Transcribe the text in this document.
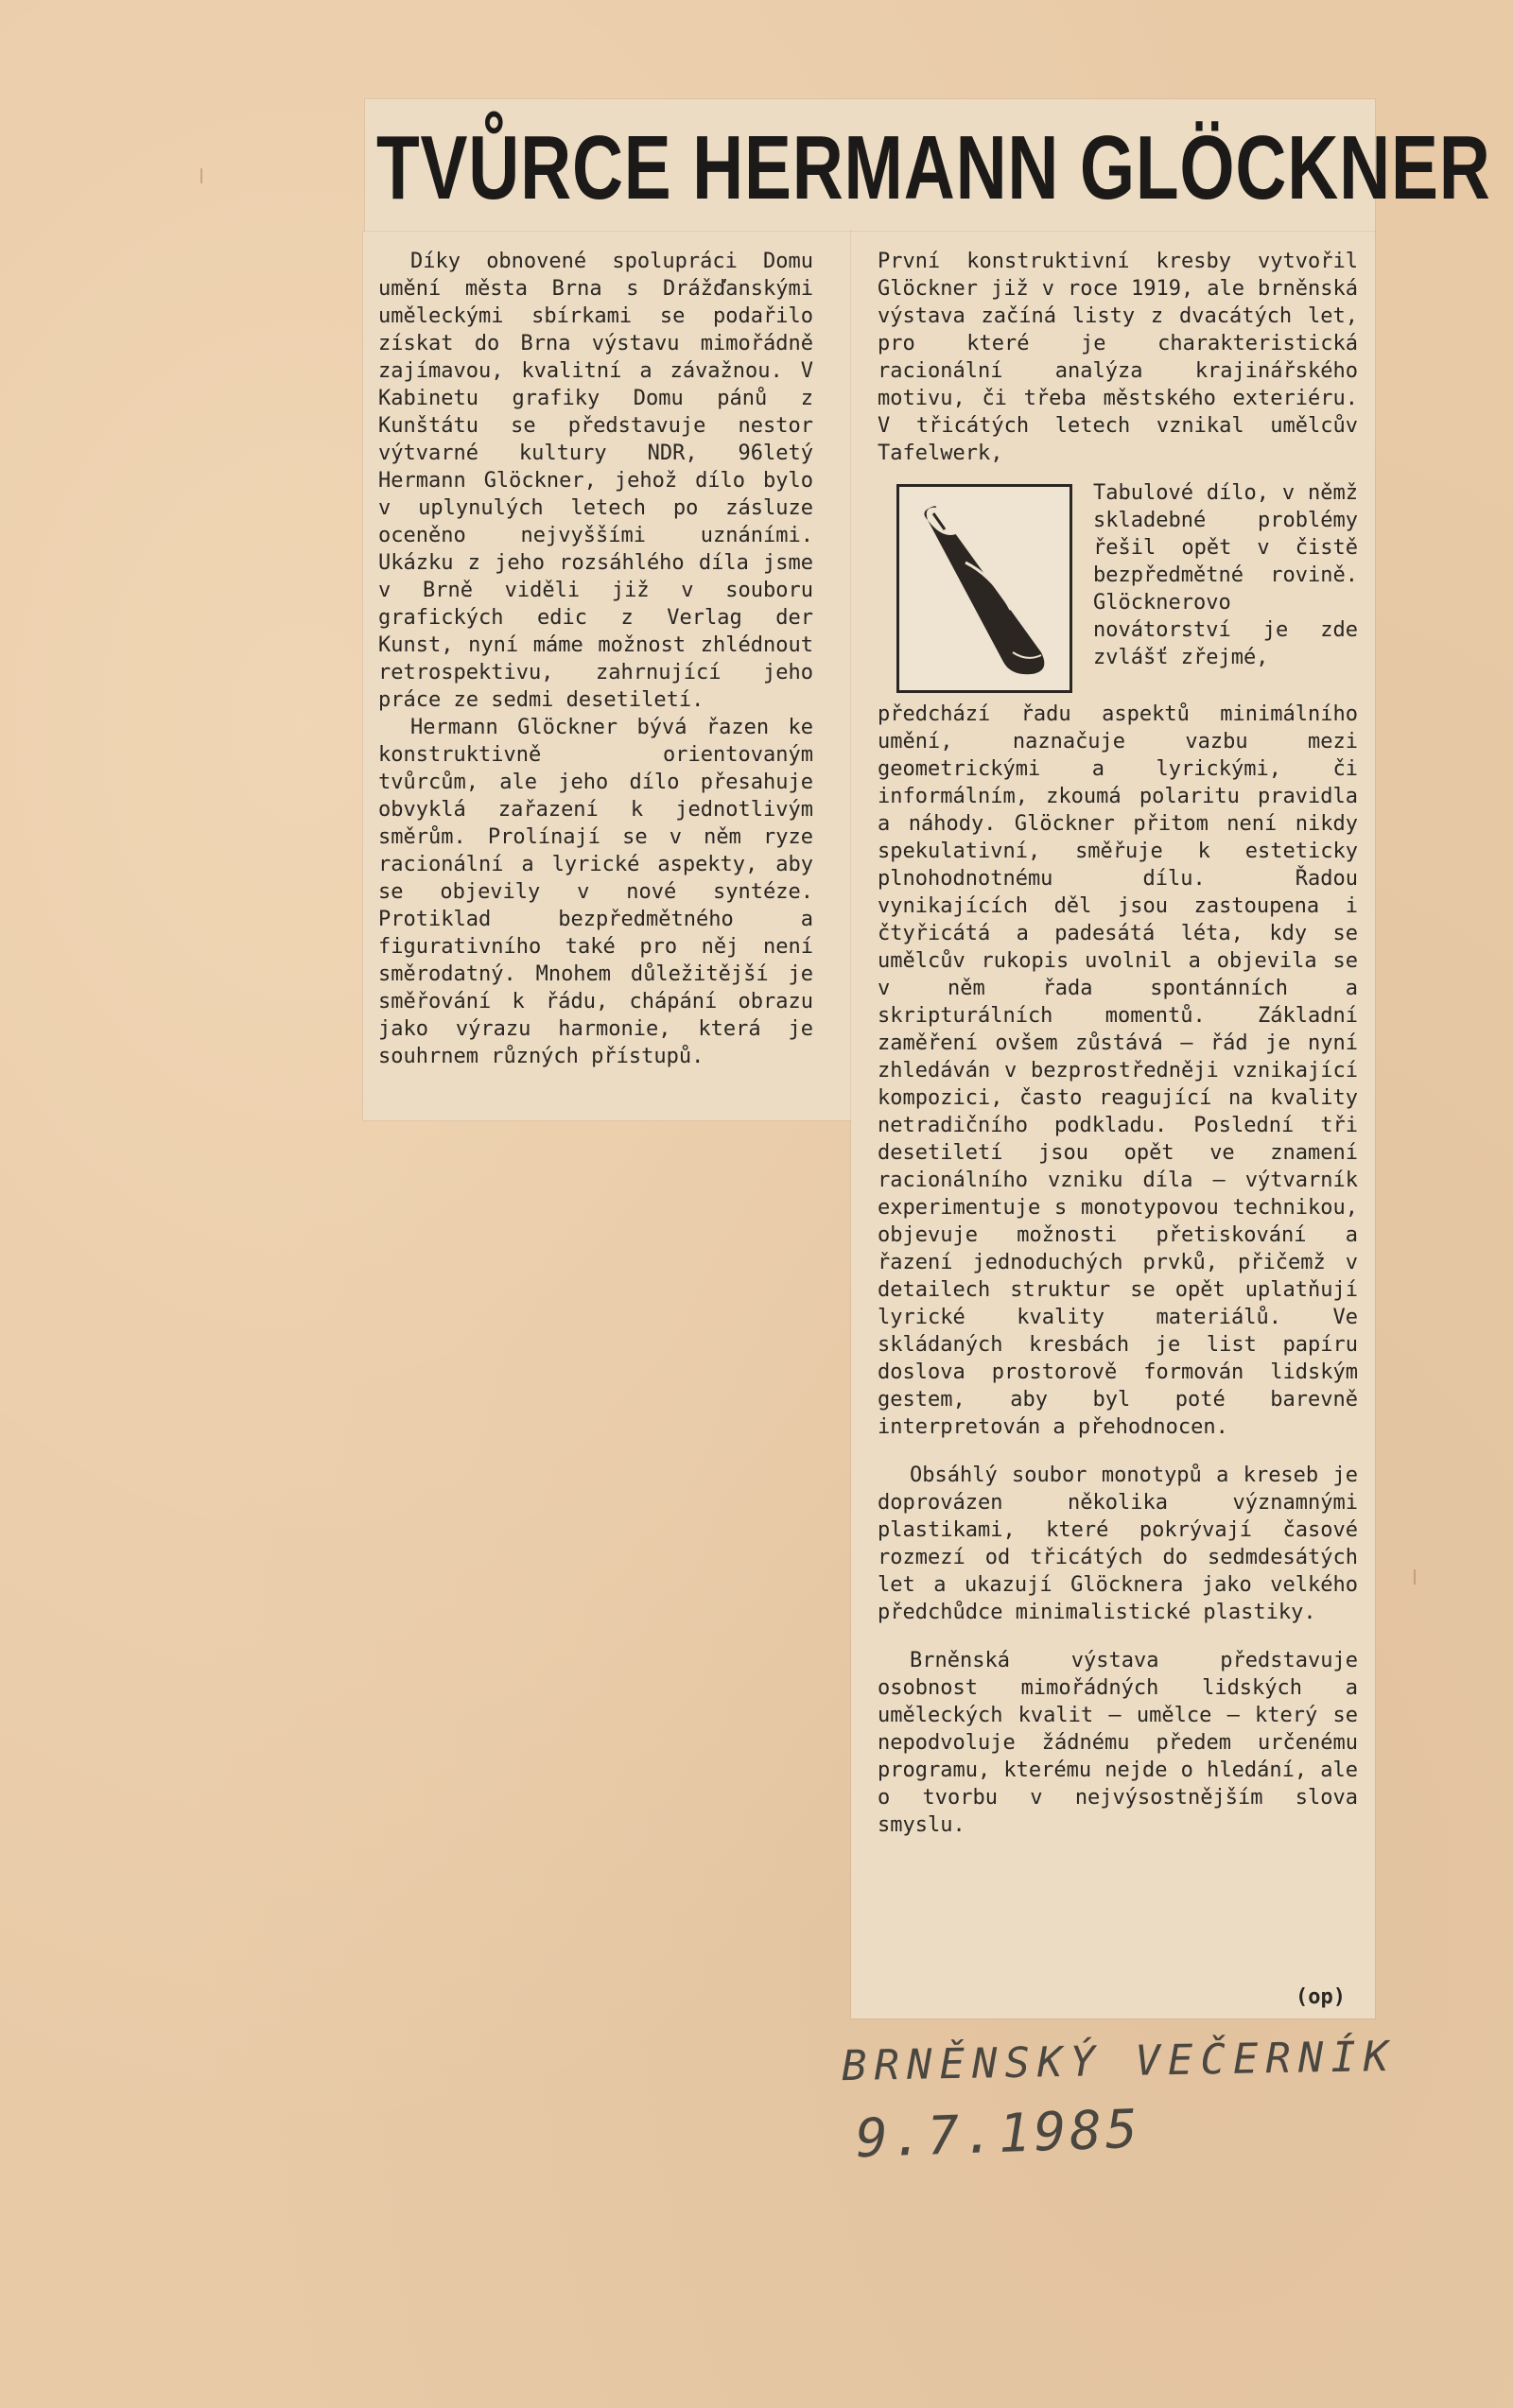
TVŮRCE HERMANN GLÖCKNER

Díky obnovené spolupráci Domu umění města Brna s Drážďanskými uměleckými sbírkami se podařilo získat do Brna výstavu mimořádně zajímavou, kvalitní a závažnou. V Kabinetu grafiky Domu pánů z Kunštátu se představuje nestor výtvarné kultury NDR, 96letý Hermann Glöckner, jehož dílo bylo v uplynulých letech po zásluze oceněno nejvyššími uznáními. Ukázku z jeho rozsáhlého díla jsme v Brně viděli již v souboru grafických edic z Verlag der Kunst, nyní máme možnost zhlédnout retrospektivu, zahrnující jeho práce ze sedmi desetiletí.

Hermann Glöckner bývá řazen ke konstruktivně orientovaným tvůrcům, ale jeho dílo přesahuje obvyklá zařazení k jednotlivým směrům. Prolínají se v něm ryze racionální a lyrické aspekty, aby se objevily v nové syntéze. Protiklad bezpředmětného a figurativního také pro něj není směrodatný. Mnohem důležitější je směřování k řádu, chápání obrazu jako výrazu harmonie, která je souhrnem různých přístupů.

První konstruktivní kresby vytvořil Glöckner již v roce 1919, ale brněnská výstava začíná listy z dvacátých let, pro které je charakteristická racionální analýza krajinářského motivu, či třeba městského exteriéru. V třicátých letech vznikal umělcův Tafelwerk,

Tabulové dílo, v němž skladebné problémy řešil opět v čistě bezpředmětné rovině. Glöcknerovo novátorství je zde zvlášť zřejmé,

předchází řadu aspektů minimálního umění, naznačuje vazbu mezi geometrickými a lyrickými, či informálním, zkoumá polaritu pravidla a náhody. Glöckner přitom není nikdy spekulativní, směřuje k esteticky plnohodnotnému dílu. Řadou vynikajících děl jsou zastoupena i čtyřicátá a padesátá léta, kdy se umělcův rukopis uvolnil a objevila se v něm řada spontánních a skripturálních momentů. Základní zaměření ovšem zůstává — řád je nyní zhledáván v bezprostředněji vznikající kompozici, často reagující na kvality netradičního podkladu. Poslední tři desetiletí jsou opět ve znamení racionálního vzniku díla — výtvarník experimentuje s monotypovou technikou, objevuje možnosti přetiskování a řazení jednoduchých prvků, přičemž v detailech struktur se opět uplatňují lyrické kvality materiálů. Ve skládaných kresbách je list papíru doslova prostorově formován lidským gestem, aby byl poté barevně interpretován a přehodnocen.

Obsáhlý soubor monotypů a kreseb je doprovázen několika významnými plastikami, které pokrývají časové rozmezí od třicátých do sedmdesátých let a ukazují Glöcknera jako velkého předchůdce minimalistické plastiky.

Brněnská výstava představuje osobnost mimořádných lidských a uměleckých kvalit — umělce — který se nepodvoluje žádnému předem určenému programu, kterému nejde o hledání, ale o tvorbu v nejvýsostnějším slova smyslu.

(op)
BRNĚNSKÝ VEČERNÍK
9.7.1985
